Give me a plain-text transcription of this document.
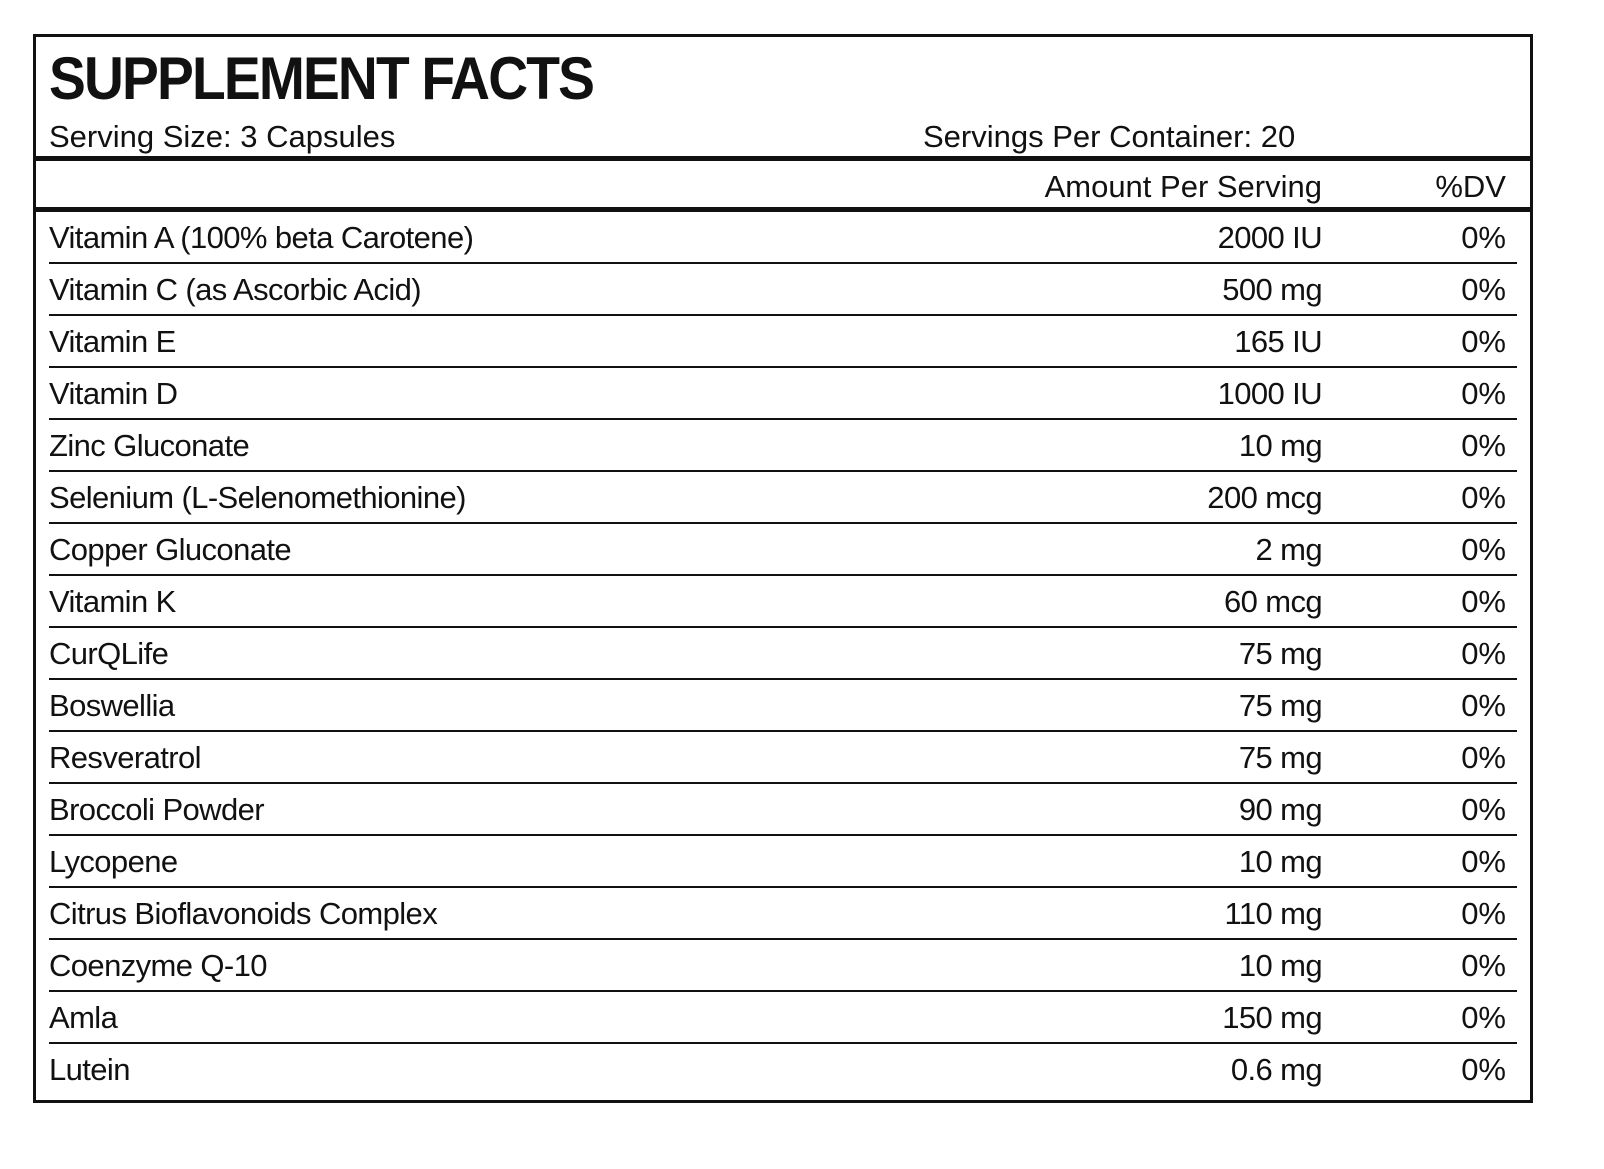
SUPPLEMENT FACTS
Serving Size: 3 Capsules	Servings Per Container: 20
Amount Per Serving	%DV
Vitamin A (100% beta Carotene)	2000 IU	0%
Vitamin C (as Ascorbic Acid)	500 mg	0%
Vitamin E	165 IU	0%
Vitamin D	1000 IU	0%
Zinc Gluconate	10 mg	0%
Selenium (L-Selenomethionine)	200 mcg	0%
Copper Gluconate	2 mg	0%
Vitamin K	60 mcg	0%
CurQLife	75 mg	0%
Boswellia	75 mg	0%
Resveratrol	75 mg	0%
Broccoli Powder	90 mg	0%
Lycopene	10 mg	0%
Citrus Bioflavonoids Complex	110 mg	0%
Coenzyme Q-10	10 mg	0%
Amla	150 mg	0%
Lutein	0.6 mg	0%
